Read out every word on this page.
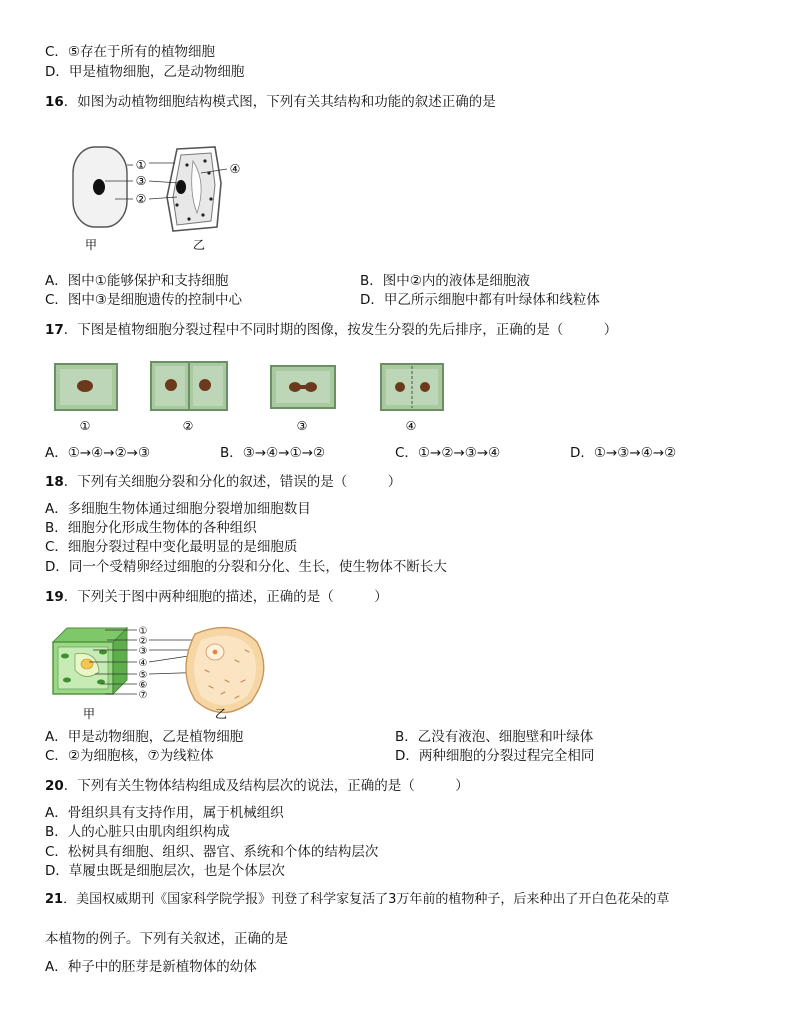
C．⑤存在于所有的植物细胞
D．甲是植物细胞，乙是动物细胞
16．如图为动植物细胞结构模式图，下列有关其结构和功能的叙述正确的是
①
③
②
④
甲	乙
A．图中①能够保护和支持细胞	B．图中②内的液体是细胞液
C．图中③是细胞遗传的控制中心	D．甲乙所示细胞中都有叶绿体和线粒体
17．下图是植物细胞分裂过程中不同时期的图像，按发生分裂的先后排序，正确的是（　　　）
①	②	③	④
A．①→④→②→③	B．③→④→①→②	C．①→②→③→④	D．①→③→④→②
18．下列有关细胞分裂和分化的叙述，错误的是（　　　）
A．多细胞生物体通过细胞分裂增加细胞数目
B．细胞分化形成生物体的各种组织
C．细胞分裂过程中变化最明显的是细胞质
D．同一个受精卵经过细胞的分裂和分化、生长，使生物体不断长大
19．下列关于图中两种细胞的描述，正确的是（　　　）
①
②
③
④
⑤
⑥
⑦
甲	乙
A．甲是动物细胞，乙是植物细胞	B．乙没有液泡、细胞壁和叶绿体
C．②为细胞核，⑦为线粒体	D．两种细胞的分裂过程完全相同
20．下列有关生物体结构组成及结构层次的说法，正确的是（　　　）
A．骨组织具有支持作用，属于机械组织
B．人的心脏只由肌肉组织构成
C．松树具有细胞、组织、器官、系统和个体的结构层次
D．草履虫既是细胞层次，也是个体层次
21．美国权威期刊《国家科学院学报》刊登了科学家复活了3万年前的植物种子，后来种出了开白色花朵的草
本植物的例子。下列有关叙述，正确的是
A．种子中的胚芽是新植物体的幼体
